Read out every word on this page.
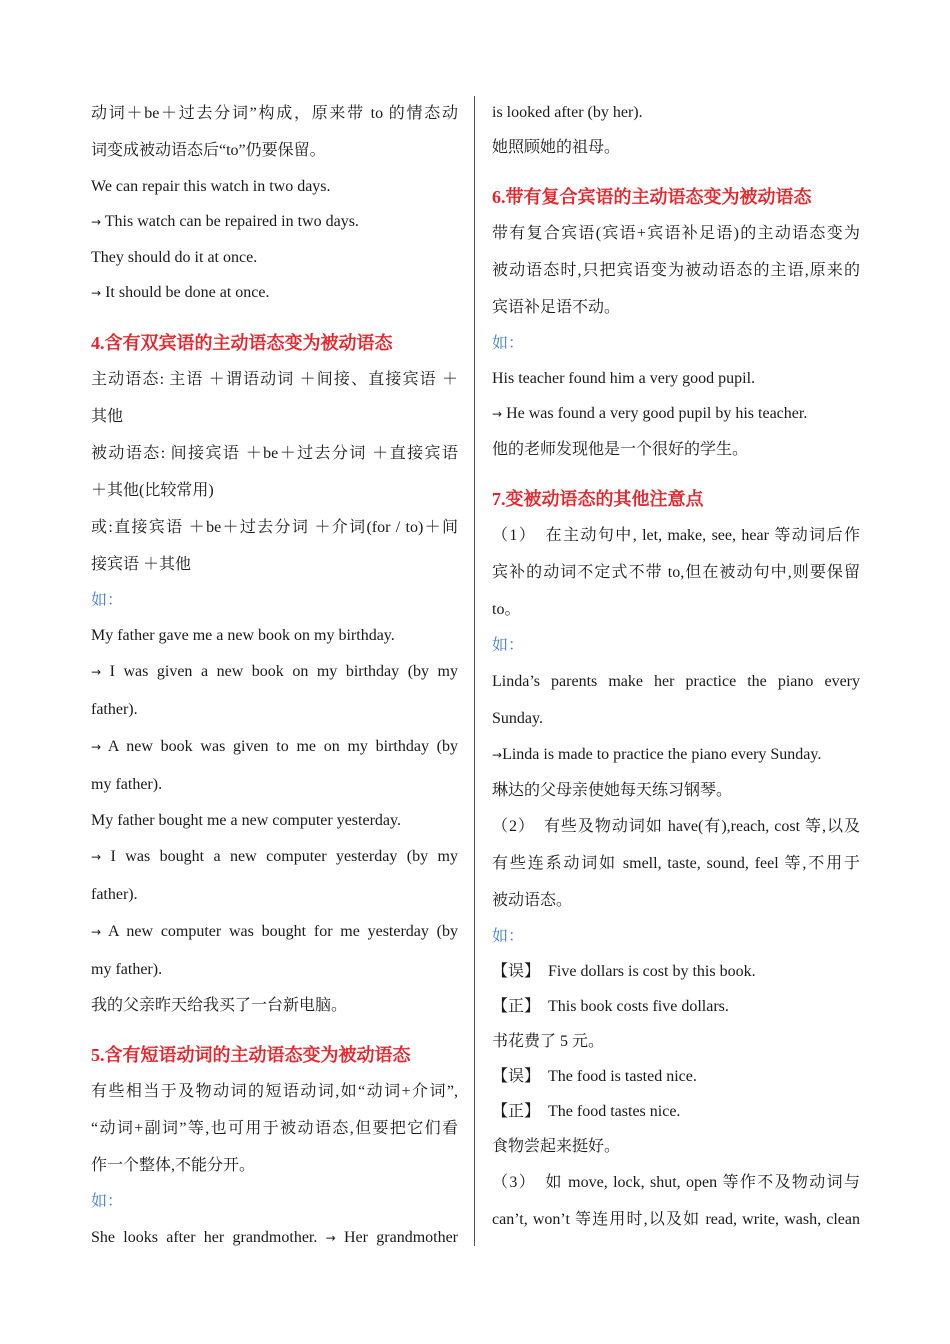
动词＋be＋过去分词”构成，原来带 to 的情态动

词变成被动语态后“to”仍要保留。

We can repair this watch in two days.

→ This watch can be repaired in two days.

They should do it at once.

→ It should be done at once.

4.含有双宾语的主动语态变为被动语态

主动语态: 主语 ＋谓语动词 ＋间接、直接宾语 ＋

其他

被动语态: 间接宾语 ＋be＋过去分词 ＋直接宾语

＋其他(比较常用)

或:直接宾语 ＋be＋过去分词 ＋介词(for / to)＋间

接宾语 ＋其他

如：

My father gave me a new book on my birthday.

→ I was given a new book on my birthday (by my

father).

→ A new book was given to me on my birthday (by

my father).

My father bought me a new computer yesterday.

→ I was bought a new computer yesterday (by my

father).

→ A new computer was bought for me yesterday (by

my father).

我的父亲昨天给我买了一台新电脑。

5.含有短语动词的主动语态变为被动语态

有些相当于及物动词的短语动词,如“动词+介词”,

“动词+副词”等,也可用于被动语态,但要把它们看

作一个整体,不能分开。

如：

She looks after her grandmother. → Her grandmother

is looked after (by her).

她照顾她的祖母。

6.带有复合宾语的主动语态变为被动语态

带有复合宾语(宾语+宾语补足语)的主动语态变为

被动语态时,只把宾语变为被动语态的主语,原来的

宾语补足语不动。

如：

His teacher found him a very good pupil.

→ He was found a very good pupil by his teacher.

他的老师发现他是一个很好的学生。

7.变被动语态的其他注意点

（1）　在主动句中, let, make, see, hear 等动词后作

宾补的动词不定式不带 to,但在被动句中,则要保留

to。

如：

Linda’s parents make her practice the piano every

Sunday.

→Linda is made to practice the piano every Sunday.

琳达的父母亲使她每天练习钢琴。

（2）　有些及物动词如 have(有),reach, cost 等,以及

有些连系动词如 smell, taste, sound, feel 等,不用于

被动语态。

如：

【误】 Five dollars is cost by this book.

【正】 This book costs five dollars.

书花费了 5 元。

【误】 The food is tasted nice.

【正】 The food tastes nice.

食物尝起来挺好。

（3）　如 move, lock, shut, open 等作不及物动词与

can’t, won’t 等连用时,以及如 read, write, wash, clean
